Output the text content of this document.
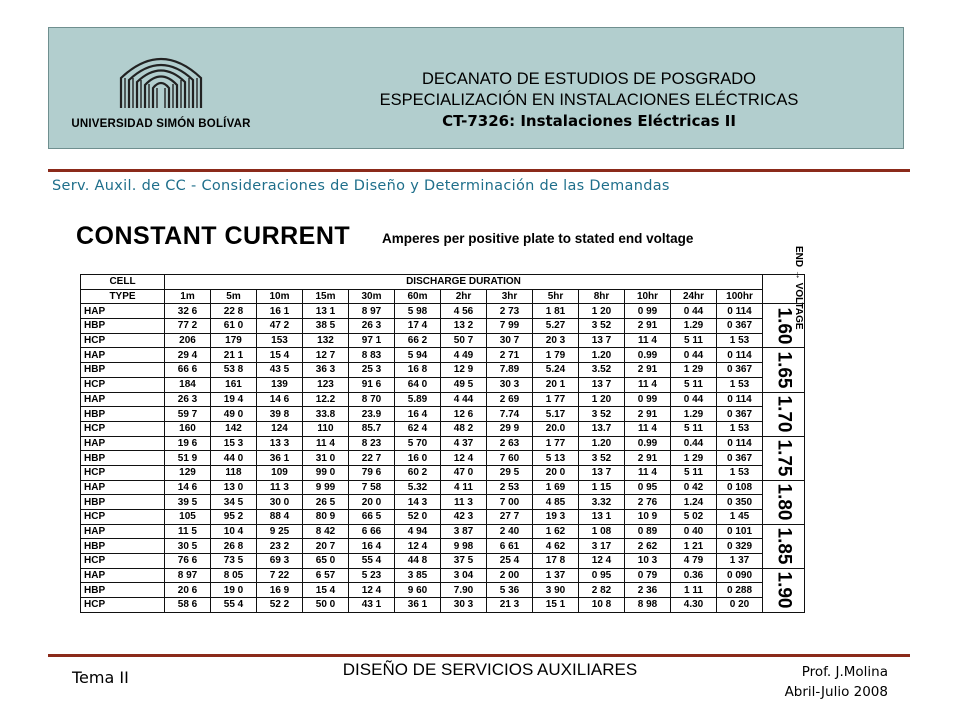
UNIVERSIDAD SIMÓN BOLÍVAR
DECANATO DE ESTUDIOS DE POSGRADO
ESPECIALIZACIÓN EN INSTALACIONES ELÉCTRICAS
CT-7326: Instalaciones Eléctricas II
Serv. Auxil. de CC - Consideraciones de Diseño y Determinación de las Demandas
CONSTANT CURRENT Amperes per positive plate to stated end voltage
END → VOLTAGE
CELL	DISCHARGE DURATION													
TYPE	1m	5m	10m	15m	30m	60m	2hr	3hr	5hr	8hr	10hr	24hr	100hr	
HAP	32 6	22 8	16 1	13 1	8 97	5 98	4 56	2 73	1 81	1 20	0 99	0 44	0 114	1.60
HBP	77 2	61 0	47 2	38 5	26 3	17 4	13 2	7 99	5.27	3 52	2 91	1.29	0 367	
HCP	206	179	153	132	97 1	66 2	50 7	30 7	20 3	13 7	11 4	5 11	1 53	
HAP	29 4	21 1	15 4	12 7	8 83	5 94	4 49	2 71	1 79	1.20	0.99	0 44	0 114	1.65
HBP	66 6	53 8	43 5	36 3	25 3	16 8	12 9	7.89	5.24	3.52	2 91	1 29	0 367	
HCP	184	161	139	123	91 6	64 0	49 5	30 3	20 1	13 7	11 4	5 11	1 53	
HAP	26 3	19 4	14 6	12.2	8 70	5.89	4 44	2 69	1 77	1 20	0 99	0 44	0 114	1.70
HBP	59 7	49 0	39 8	33.8	23.9	16 4	12 6	7.74	5.17	3 52	2 91	1.29	0 367	
HCP	160	142	124	110	85.7	62 4	48 2	29 9	20.0	13.7	11 4	5 11	1 53	
HAP	19 6	15 3	13 3	11 4	8 23	5 70	4 37	2 63	1 77	1.20	0.99	0.44	0 114	1.75
HBP	51 9	44 0	36 1	31 0	22 7	16 0	12 4	7 60	5 13	3 52	2 91	1 29	0 367	
HCP	129	118	109	99 0	79 6	60 2	47 0	29 5	20 0	13 7	11 4	5 11	1 53	
HAP	14 6	13 0	11 3	9 99	7 58	5.32	4 11	2 53	1 69	1 15	0 95	0 42	0 108	1.80
HBP	39 5	34 5	30 0	26 5	20 0	14 3	11 3	7 00	4 85	3.32	2 76	1.24	0 350	
HCP	105	95 2	88 4	80 9	66 5	52 0	42 3	27 7	19 3	13 1	10 9	5 02	1 45	
HAP	11 5	10 4	9 25	8 42	6 66	4 94	3 87	2 40	1 62	1 08	0 89	0 40	0 101	1.85
HBP	30 5	26 8	23 2	20 7	16 4	12 4	9 98	6 61	4 62	3 17	2 62	1 21	0 329	
HCP	76 6	73 5	69 3	65 0	55 4	44 8	37 5	25 4	17 8	12 4	10 3	4 79	1 37	
HAP	8 97	8 05	7 22	6 57	5 23	3 85	3 04	2 00	1 37	0 95	0 79	0.36	0 090	1.90
HBP	20 6	19 0	16 9	15 4	12 4	9 60	7.90	5 36	3 90	2 82	2 36	1 11	0 288	
HCP	58 6	55 4	52 2	50 0	43 1	36 1	30 3	21 3	15 1	10 8	8 98	4.30	0 20	
Tema II	DISEÑO DE SERVICIOS AUXILIARES	Prof. J.Molina
Abril-Julio 2008
